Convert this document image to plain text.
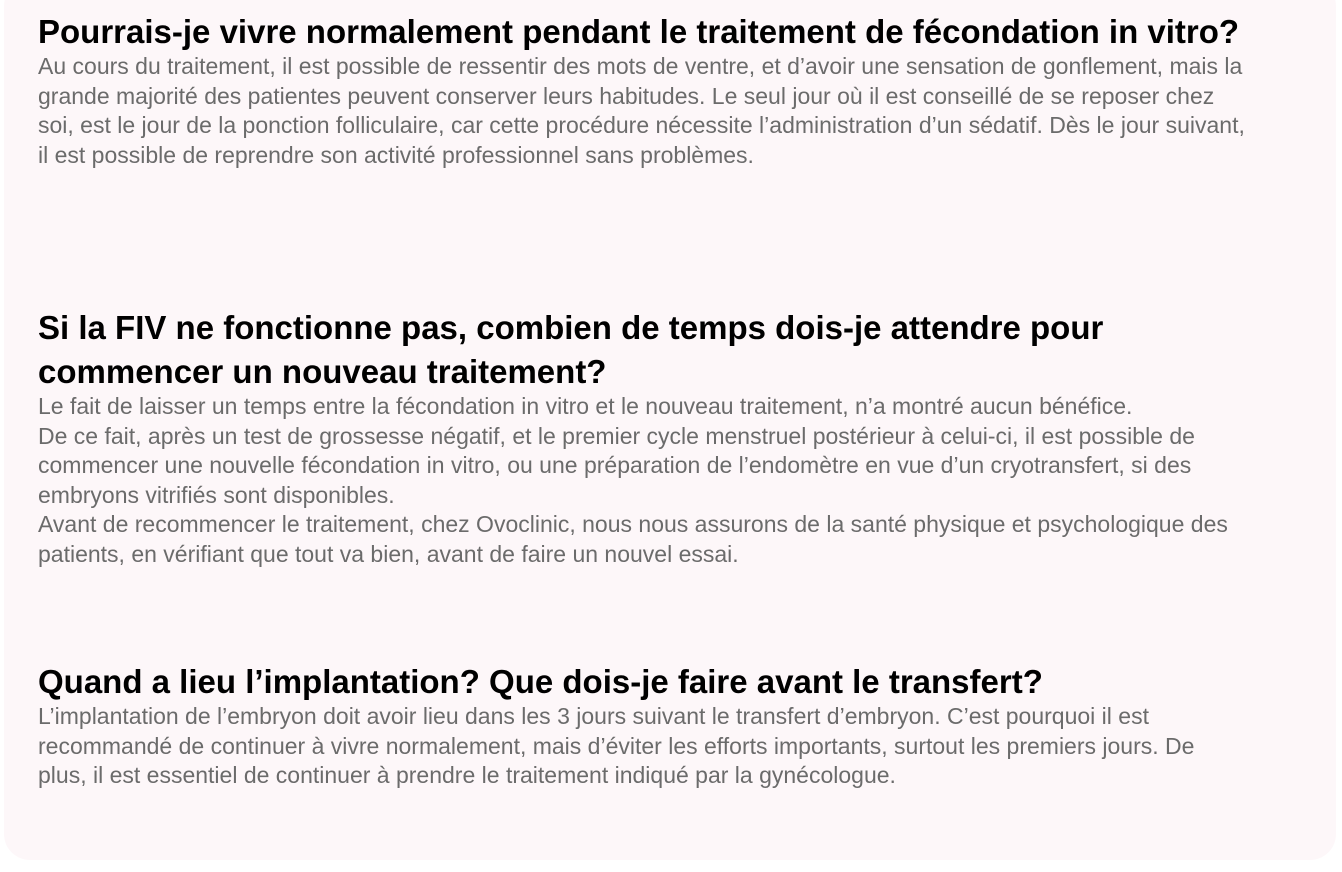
Pourrais-je vivre normalement pendant le traitement de fécondation in vitro?

Au cours du traitement, il est possible de ressentir des mots de ventre, et d’avoir une sensation de gonflement, mais la grande majorité des patientes peuvent conserver leurs habitudes. Le seul jour où il est conseillé de se reposer chez soi, est le jour de la ponction folliculaire, car cette procédure nécessite l’administration d’un sédatif. Dès le jour suivant, il est possible de reprendre son activité professionnel sans problèmes.

Si la FIV ne fonctionne pas, combien de temps dois-je attendre pour commencer un nouveau traitement?

Le fait de laisser un temps entre la fécondation in vitro et le nouveau traitement, n’a montré aucun bénéfice.

De ce fait, après un test de grossesse négatif, et le premier cycle menstruel postérieur à celui-ci, il est possible de commencer une nouvelle fécondation in vitro, ou une préparation de l’endomètre en vue d’un cryotransfert, si des embryons vitrifiés sont disponibles.

Avant de recommencer le traitement, chez Ovoclinic, nous nous assurons de la santé physique et psychologique des patients, en vérifiant que tout va bien, avant de faire un nouvel essai.

Quand a lieu l’implantation? Que dois-je faire avant le transfert?

L’implantation de l’embryon doit avoir lieu dans les 3 jours suivant le transfert d’embryon. C’est pourquoi il est recommandé de continuer à vivre normalement, mais d’éviter les efforts importants, surtout les premiers jours. De plus, il est essentiel de continuer à prendre le traitement indiqué par la gynécologue.
